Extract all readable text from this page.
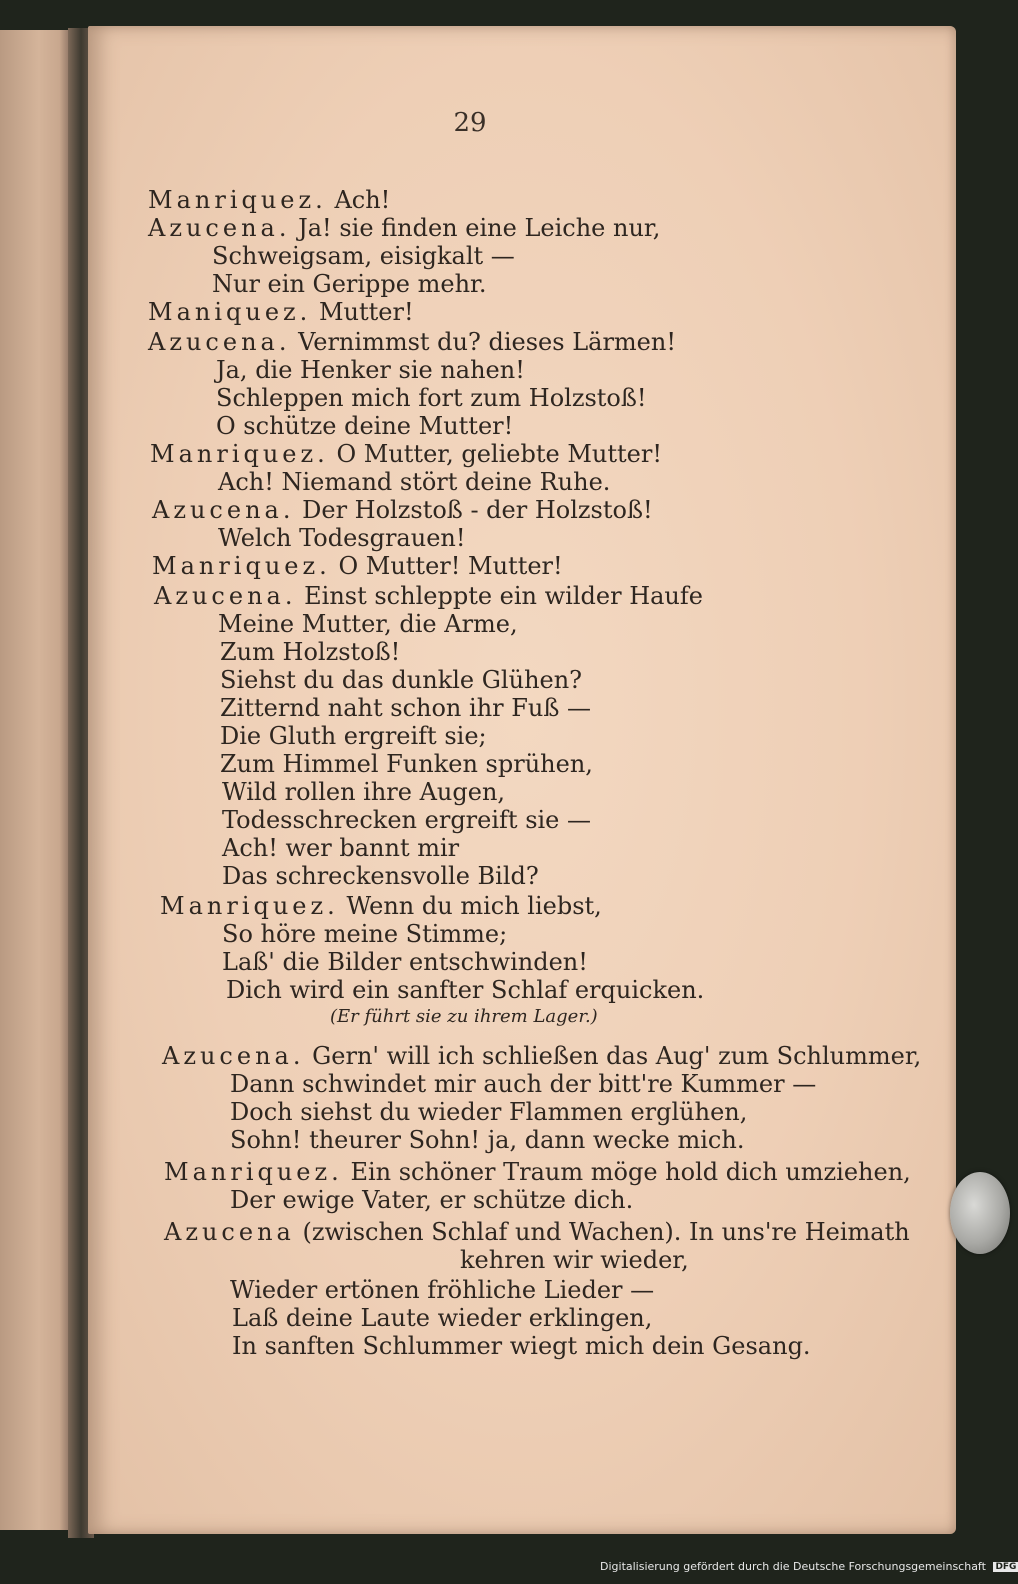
29
Manriquez. Ach!
Azucena. Ja! sie finden eine Leiche nur,
Schweigsam, eisigkalt —
Nur ein Gerippe mehr.
Maniquez. Mutter!
Azucena. Vernimmst du? dieses Lärmen!
Ja, die Henker sie nahen!
Schleppen mich fort zum Holzstoß!
O schütze deine Mutter!
Manriquez. O Mutter, geliebte Mutter!
Ach! Niemand stört deine Ruhe.
Azucena. Der Holzstoß - der Holzstoß!
Welch Todesgrauen!
Manriquez. O Mutter! Mutter!
Azucena. Einst schleppte ein wilder Haufe
Meine Mutter, die Arme,
Zum Holzstoß!
Siehst du das dunkle Glühen?
Zitternd naht schon ihr Fuß —
Die Gluth ergreift sie;
Zum Himmel Funken sprühen,
Wild rollen ihre Augen,
Todesschrecken ergreift sie —
Ach! wer bannt mir
Das schreckensvolle Bild?
Manriquez. Wenn du mich liebst,
So höre meine Stimme;
Laß' die Bilder entschwinden!
Dich wird ein sanfter Schlaf erquicken.
(Er führt sie zu ihrem Lager.)
Azucena. Gern' will ich schließen das Aug' zum Schlummer,
Dann schwindet mir auch der bitt're Kummer —
Doch siehst du wieder Flammen erglühen,
Sohn! theurer Sohn! ja, dann wecke mich.
Manriquez. Ein schöner Traum möge hold dich umziehen,
Der ewige Vater, er schütze dich.
Azucena (zwischen Schlaf und Wachen). In uns're Heimath
kehren wir wieder,
Wieder ertönen fröhliche Lieder —
Laß deine Laute wieder erklingen,
In sanften Schlummer wiegt mich dein Gesang.
Digitalisierung gefördert durch die Deutsche Forschungsgemeinschaft DFG
